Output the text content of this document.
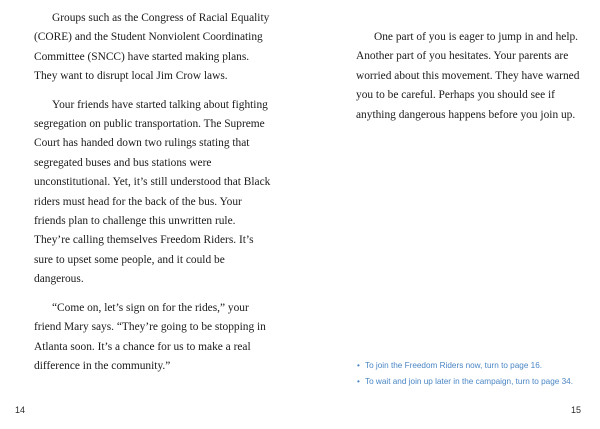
Groups such as the Congress of Racial Equality (CORE) and the Student Nonviolent Coordinating Committee (SNCC) have started making plans. They want to disrupt local Jim Crow laws.

Your friends have started talking about fighting segregation on public transportation. The Supreme Court has handed down two rulings stating that segregated buses and bus stations were unconstitutional. Yet, it’s still understood that Black riders must head for the back of the bus. Your friends plan to challenge this unwritten rule. They’re calling themselves Freedom Riders. It’s sure to upset some people, and it could be dangerous.

“Come on, let’s sign on for the rides,” your friend Mary says. “They’re going to be stopping in Atlanta soon. It’s a chance for us to make a real difference in the community.”

14

One part of you is eager to jump in and help. Another part of you hesitates. Your parents are worried about this movement. They have warned you to be careful. Perhaps you should see if anything dangerous happens before you join up.

• To join the Freedom Riders now, turn to page 16.
• To wait and join up later in the campaign, turn to page 34.
15
